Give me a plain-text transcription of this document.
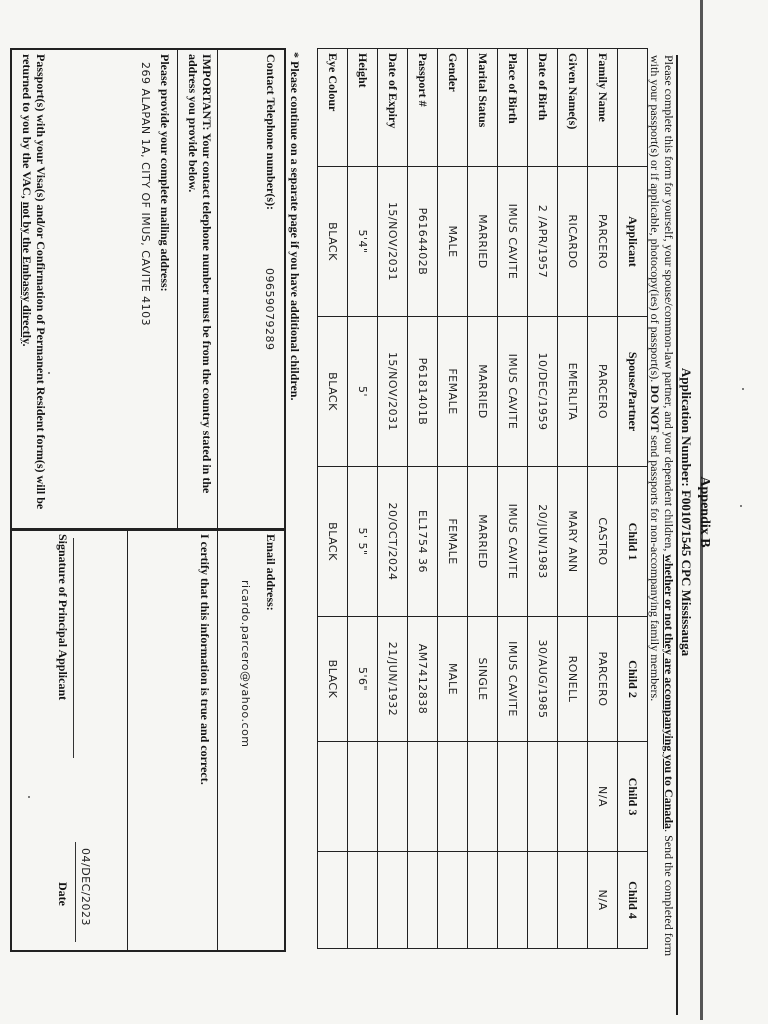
Appendix B
Application Number: F001071545 CPC Mississauga
Please complete this form for yourself, your spouse/common-law partner, and your dependent children, whether or not they are accompanying you to Canada. Send the completed form with your passport(s) or if applicable, photocopy(ies) of passport(s). DO NOT send passports for non-accompanying family members.
	Applicant	Spouse/Partner	Child 1	Child 2	Child 3	Child 4
Family Name	PARCERO	PARCERO	CASTRO	PARCERO	N/A	N/A
Given Name(s)	RICARDO	EMERLITA	MARY ANN	RONELL		
Date of Birth	2 /APR/1957	10/DEC/1959	20/JUN/1983	30/AUG/1985		
Place of Birth	IMUS CAVITE	IMUS CAVITE	IMUS CAVITE	IMUS CAVITE		
Marital Status	MARRIED	MARRIED	MARRIED	SINGLE		
Gender	MALE	FEMALE	FEMALE	MALE		
Passport #	P6164402B	P6181401B	EL1754 36	AM7412838		
Date of Expiry	15/NOV/2031	15/NOV/2031	20/OCT/2024	21/JUN/1932		
Height	5'4"	5'	5' 5"	5'6"		
Eye Colour	BLACK	BLACK	BLACK	BLACK		
* Please continue on a separate page if you have additional children.
Contact Telephone number(s):
09659079289
IMPORTANT: Your contact telephone number must be from the country stated in the address you provide below.
Please provide your complete mailing address:
269 ALAPAN 1A, CITY OF IMUS, CAVITE 4103
Passport(s) with your Visa(s) and/or Confirmation of Permanent Resident form(s) will be returned to you by the VAC, not by the Embassy directly.
Email address:
ricardo.parcero@yahoo.com
I certify that this information is true and correct.
Signature of Principal Applicant
04/DEC/2023
Date
